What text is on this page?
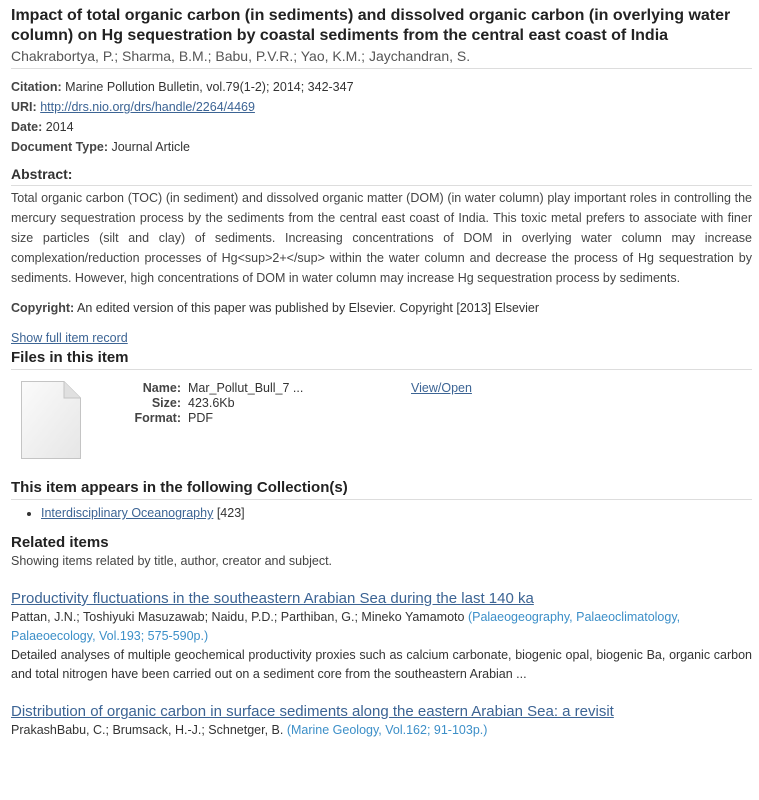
Impact of total organic carbon (in sediments) and dissolved organic carbon (in overlying water column) on Hg sequestration by coastal sediments from the central east coast of India
Chakrabortya, P.; Sharma, B.M.; Babu, P.V.R.; Yao, K.M.; Jaychandran, S.
Citation: Marine Pollution Bulletin, vol.79(1-2); 2014; 342-347
URI: http://drs.nio.org/drs/handle/2264/4469
Date: 2014
Document Type: Journal Article
Abstract:
Total organic carbon (TOC) (in sediment) and dissolved organic matter (DOM) (in water column) play important roles in controlling the mercury sequestration process by the sediments from the central east coast of India. This toxic metal prefers to associate with finer size particles (silt and clay) of sediments. Increasing concentrations of DOM in overlying water column may increase complexation/reduction processes of Hg<sup>2+</sup> within the water column and decrease the process of Hg sequestration by sediments. However, high concentrations of DOM in water column may increase Hg sequestration process by sediments.
Copyright: An edited version of this paper was published by Elsevier. Copyright [2013] Elsevier
Show full item record
Files in this item
Name: Mar_Pollut_Bull_7 ...
Size: 423.6Kb
Format: PDF
View/Open
This item appears in the following Collection(s)
• Interdisciplinary Oceanography [423]
Related items
Showing items related by title, author, creator and subject.
Productivity fluctuations in the southeastern Arabian Sea during the last 140 ka
Pattan, J.N.; Toshiyuki Masuzawab; Naidu, P.D.; Parthiban, G.; Mineko Yamamoto (Palaeogeography, Palaeoclimatology, Palaeoecology, Vol.193; 575-590p.)
Detailed analyses of multiple geochemical productivity proxies such as calcium carbonate, biogenic opal, biogenic Ba, organic carbon and total nitrogen have been carried out on a sediment core from the southeastern Arabian ...
Distribution of organic carbon in surface sediments along the eastern Arabian Sea: a revisit
PrakashBabu, C.; Brumsack, H.-J.; Schnetger, B. (Marine Geology, Vol.162; 91-103p.)
